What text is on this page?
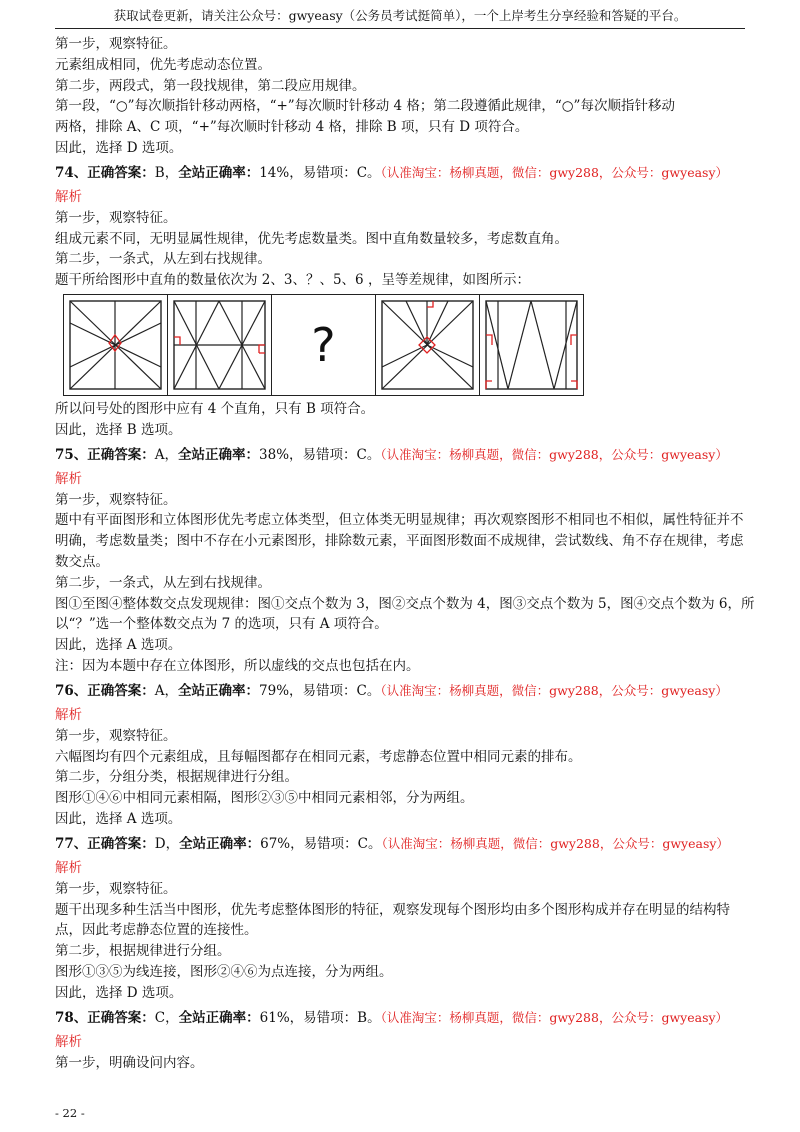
获取试卷更新，请关注公众号：gwyeasy（公务员考试挺简单），一个上岸考生分享经验和答疑的平台。
第一步，观察特征。
元素组成相同，优先考虑动态位置。
第二步，两段式，第一段找规律，第二段应用规律。
第一段，“○”每次顺指针移动两格，“+”每次顺时针移动 4 格；第二段遵循此规律，“○”每次顺指针移动
两格，排除 A、C 项，“+”每次顺时针移动 4 格，排除 B 项，只有 D 项符合。
因此，选择 D 选项。
74、正确答案：B，全站正确率：14%，易错项：C。（认准淘宝：杨柳真题，微信：gwy288，公众号：gwyeasy）
解析
第一步，观察特征。
组成元素不同，无明显属性规律，优先考虑数量类。图中直角数量较多，考虑数直角。
第二步，一条式，从左到右找规律。
题干所给图形中直角的数量依次为 2、3、？、5、6 ，呈等差规律，如图所示：
?
所以问号处的图形中应有 4 个直角，只有 B 项符合。
因此，选择 B 选项。
75、正确答案：A，全站正确率：38%，易错项：C。（认准淘宝：杨柳真题，微信：gwy288，公众号：gwyeasy）
解析
第一步，观察特征。
题中有平面图形和立体图形优先考虑立体类型，但立体类无明显规律；再次观察图形不相同也不相似，属性特征并不明确，考虑数量类；图中不存在小元素图形，排除数元素，平面图形数面不成规律，尝试数线、角不存在规律，考虑数交点。
第二步，一条式，从左到右找规律。
图①至图④整体数交点发现规律：图①交点个数为 3，图②交点个数为 4，图③交点个数为 5，图④交点个数为 6，所以“？”选一个整体数交点为 7 的选项，只有 A 项符合。
因此，选择 A 选项。
注：因为本题中存在立体图形，所以虚线的交点也包括在内。
76、正确答案：A，全站正确率：79%，易错项：C。（认准淘宝：杨柳真题，微信：gwy288，公众号：gwyeasy）
解析
第一步，观察特征。
六幅图均有四个元素组成，且每幅图都存在相同元素，考虑静态位置中相同元素的排布。
第二步，分组分类，根据规律进行分组。
图形①④⑥中相同元素相隔，图形②③⑤中相同元素相邻，分为两组。
因此，选择 A 选项。
77、正确答案：D，全站正确率：67%，易错项：C。（认准淘宝：杨柳真题，微信：gwy288，公众号：gwyeasy）
解析
第一步，观察特征。
题干出现多种生活当中图形，优先考虑整体图形的特征，观察发现每个图形均由多个图形构成并存在明显的结构特点，因此考虑静态位置的连接性。
第二步，根据规律进行分组。
图形①③⑤为线连接，图形②④⑥为点连接，分为两组。
因此，选择 D 选项。
78、正确答案：C，全站正确率：61%，易错项：B。（认准淘宝：杨柳真题，微信：gwy288，公众号：gwyeasy）
解析
第一步，明确设问内容。
- 22 -
